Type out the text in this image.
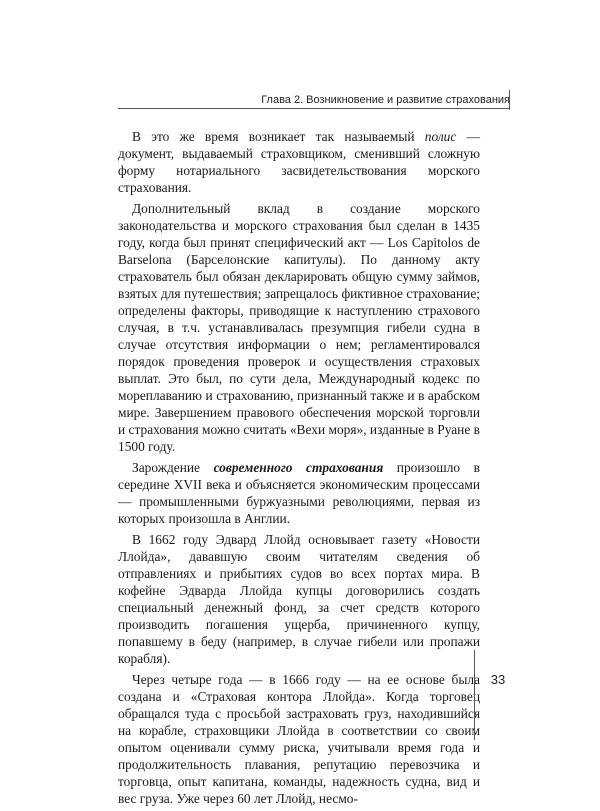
Глава 2. Возникновение и развитие страхования

В это же время возникает так называемый полис — документ, выдаваемый страховщиком, сменивший сложную форму нотариального засвидетельствования морского страхования.

Дополнительный вклад в создание морского законодательства и морского страхования был сделан в 1435 году, когда был принят специфический акт — Los Capitolos de Barselona (Барселонские капитулы). По данному акту страхователь был обязан декларировать общую сумму займов, взятых для путешествия; запрещалось фиктивное страхование; определены факторы, приводящие к наступлению страхового случая, в т.ч. устанавливалась презумпция гибели судна в случае отсутствия информации о нем; регламентировался порядок проведения проверок и осуществления страховых выплат. Это был, по сути дела, Международный кодекс по мореплаванию и страхованию, признанный также и в арабском мире. Завершением правового обеспечения морской торговли и страхования можно считать «Вехи моря», изданные в Руане в 1500 году.

Зарождение современного страхования произошло в середине XVII века и объясняется экономическим процессами — промышленными буржуазными революциями, первая из которых произошла в Англии.

В 1662 году Эдвард Ллойд основывает газету «Новости Ллойда», дававшую своим читателям сведения об отправлениях и прибытиях судов во всех портах мира. В кофейне Эдварда Ллойда купцы договорились создать специальный денежный фонд, за счет средств которого производить погашения ущерба, причиненного купцу, попавшему в беду (например, в случае гибели или пропажи корабля).

Через четыре года — в 1666 году — на ее основе была создана и «Страховая контора Ллойда». Когда торговец обращался туда с просьбой застраховать груз, находившийся на корабле, страховщики Ллойда в соответствии со своим опытом оценивали сумму риска, учитывали время года и продолжительность плавания, репутацию перевозчика и торговца, опыт капитана, команды, надежность судна, вид и вес груза. Уже через 60 лет Ллойд, несмо-

33
